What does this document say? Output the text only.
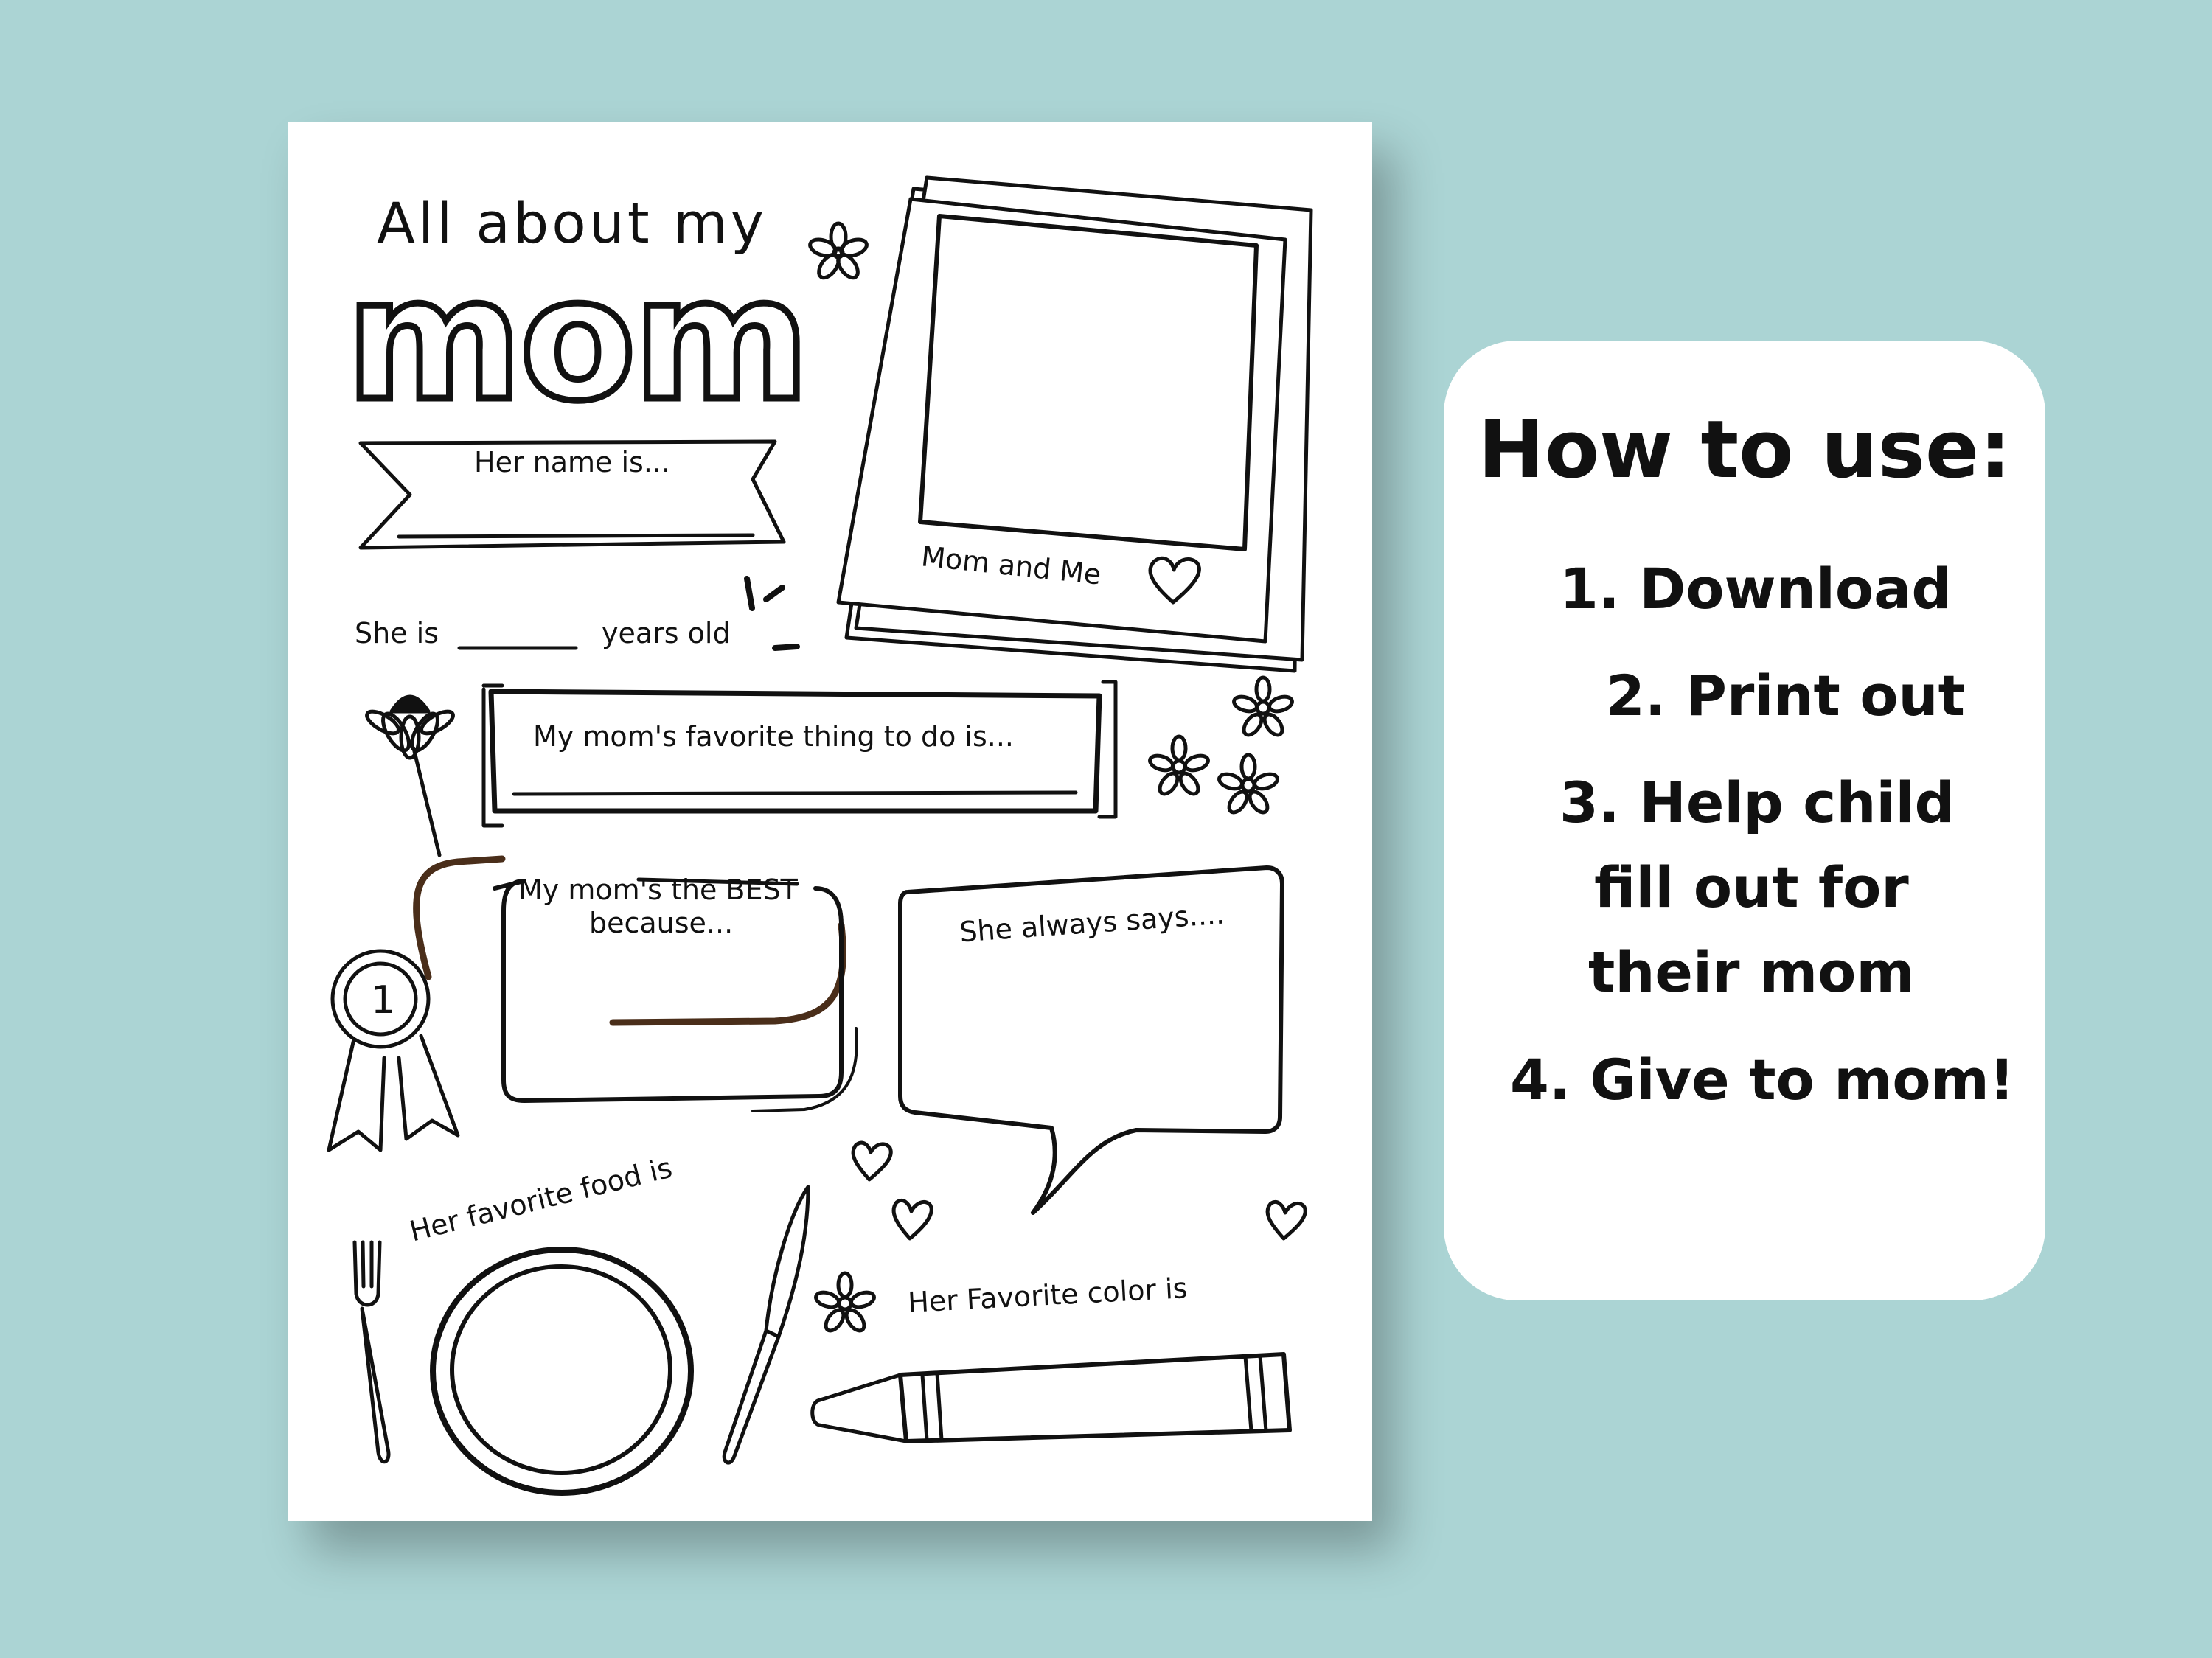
All about my

mom

Her name is...

Mom and Me

She is	years old

My mom's favorite thing to do is...

My mom's the BEST

because...

1

She always says....

Her favorite food is

Her Favorite color is

How to use:

1. Download

2. Print out

3. Help child

fill out for

their mom

4. Give to mom!
